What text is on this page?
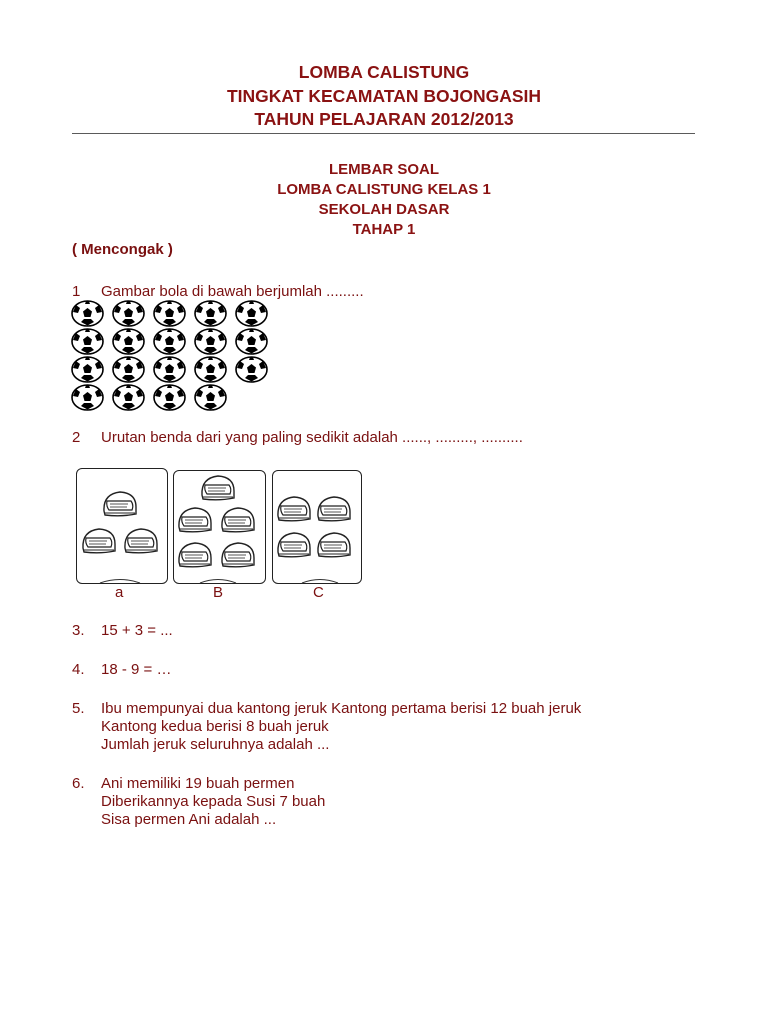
LOMBA CALISTUNG
TINGKAT KECAMATAN BOJONGASIH
TAHUN PELAJARAN 2012/2013
LEMBAR SOAL
LOMBA CALISTUNG KELAS 1
SEKOLAH DASAR
TAHAP 1
( Mencongak )
1 Gambar bola di bawah berjumlah .........
2 Urutan benda dari yang paling sedikit adalah ......, ........., ..........
a	B	C
3. 15 + 3 = ...
4. 18 - 9 = …
5. Ibu mempunyai dua kantong jeruk Kantong pertama berisi 12 buah jeruk
Kantong kedua berisi 8 buah jeruk
Jumlah jeruk seluruhnya adalah ...
6. Ani memiliki 19 buah permen
Diberikannya kepada Susi 7 buah
Sisa permen Ani adalah ...
